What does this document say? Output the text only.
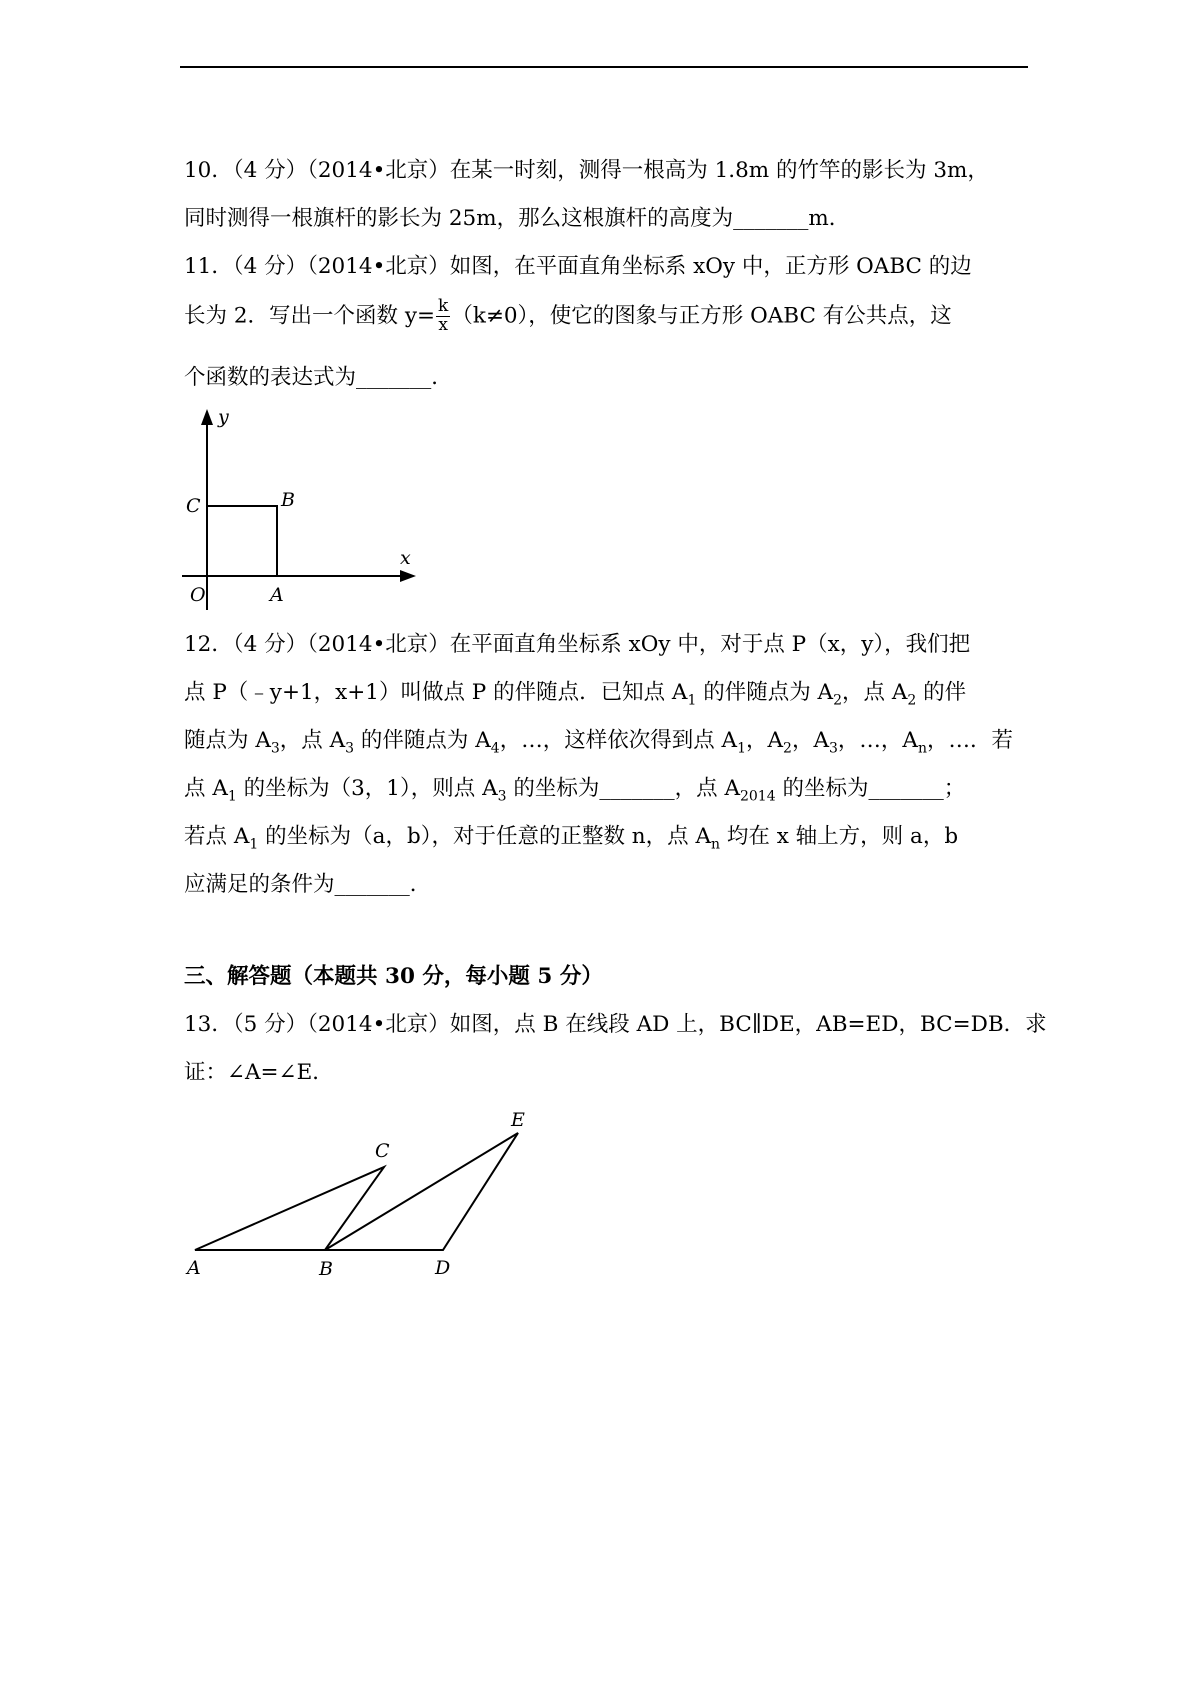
10．（4 分）（2014•北京）在某一时刻，测得一根高为 1.8m 的竹竿的影长为 3m，
同时测得一根旗杆的影长为 25m，那么这根旗杆的高度为_______m．
11．（4 分）（2014•北京）如图，在平面直角坐标系 xOy 中，正方形 OABC 的边
长为 2．写出一个函数 $y= \frac{k}{x} (k\ne 0)$，使它的图象与正方形 OABC 有公共点，这
个函数的表达式为_______．
y
x
O	A
B
C
12．（4 分）（2014•北京）在平面直角坐标系 xOy 中，对于点 P（x，y），我们把
点 P（﹣y+1，x+1）叫做点 P 的伴随点．已知点 $A_1$ 的伴随点为 $A_2$，点 $A_2$ 的伴
随点为 $A_3$，点 $A_3$ 的伴随点为 $A_4$，…，这样依次得到点 $A_1$，$A_2$，$A_3$，…，$A_n$，…．若
点 $A_1$ 的坐标为（3，1），则点 $A_3$ 的坐标为_______，点 $A_{2014}$ 的坐标为_______；
若点 $A_1$ 的坐标为（a，b），对于任意的正整数 n，点 $A_n$ 均在 x 轴上方，则 a，b
应满足的条件为_______．
三、解答题（本题共 30 分，每小题 5 分）
13．（5 分）（2014•北京）如图，点 B 在线段 AD 上，BC∥DE，AB=ED，BC=DB．求
证：∠A=∠E．
A	B
C
D
E
